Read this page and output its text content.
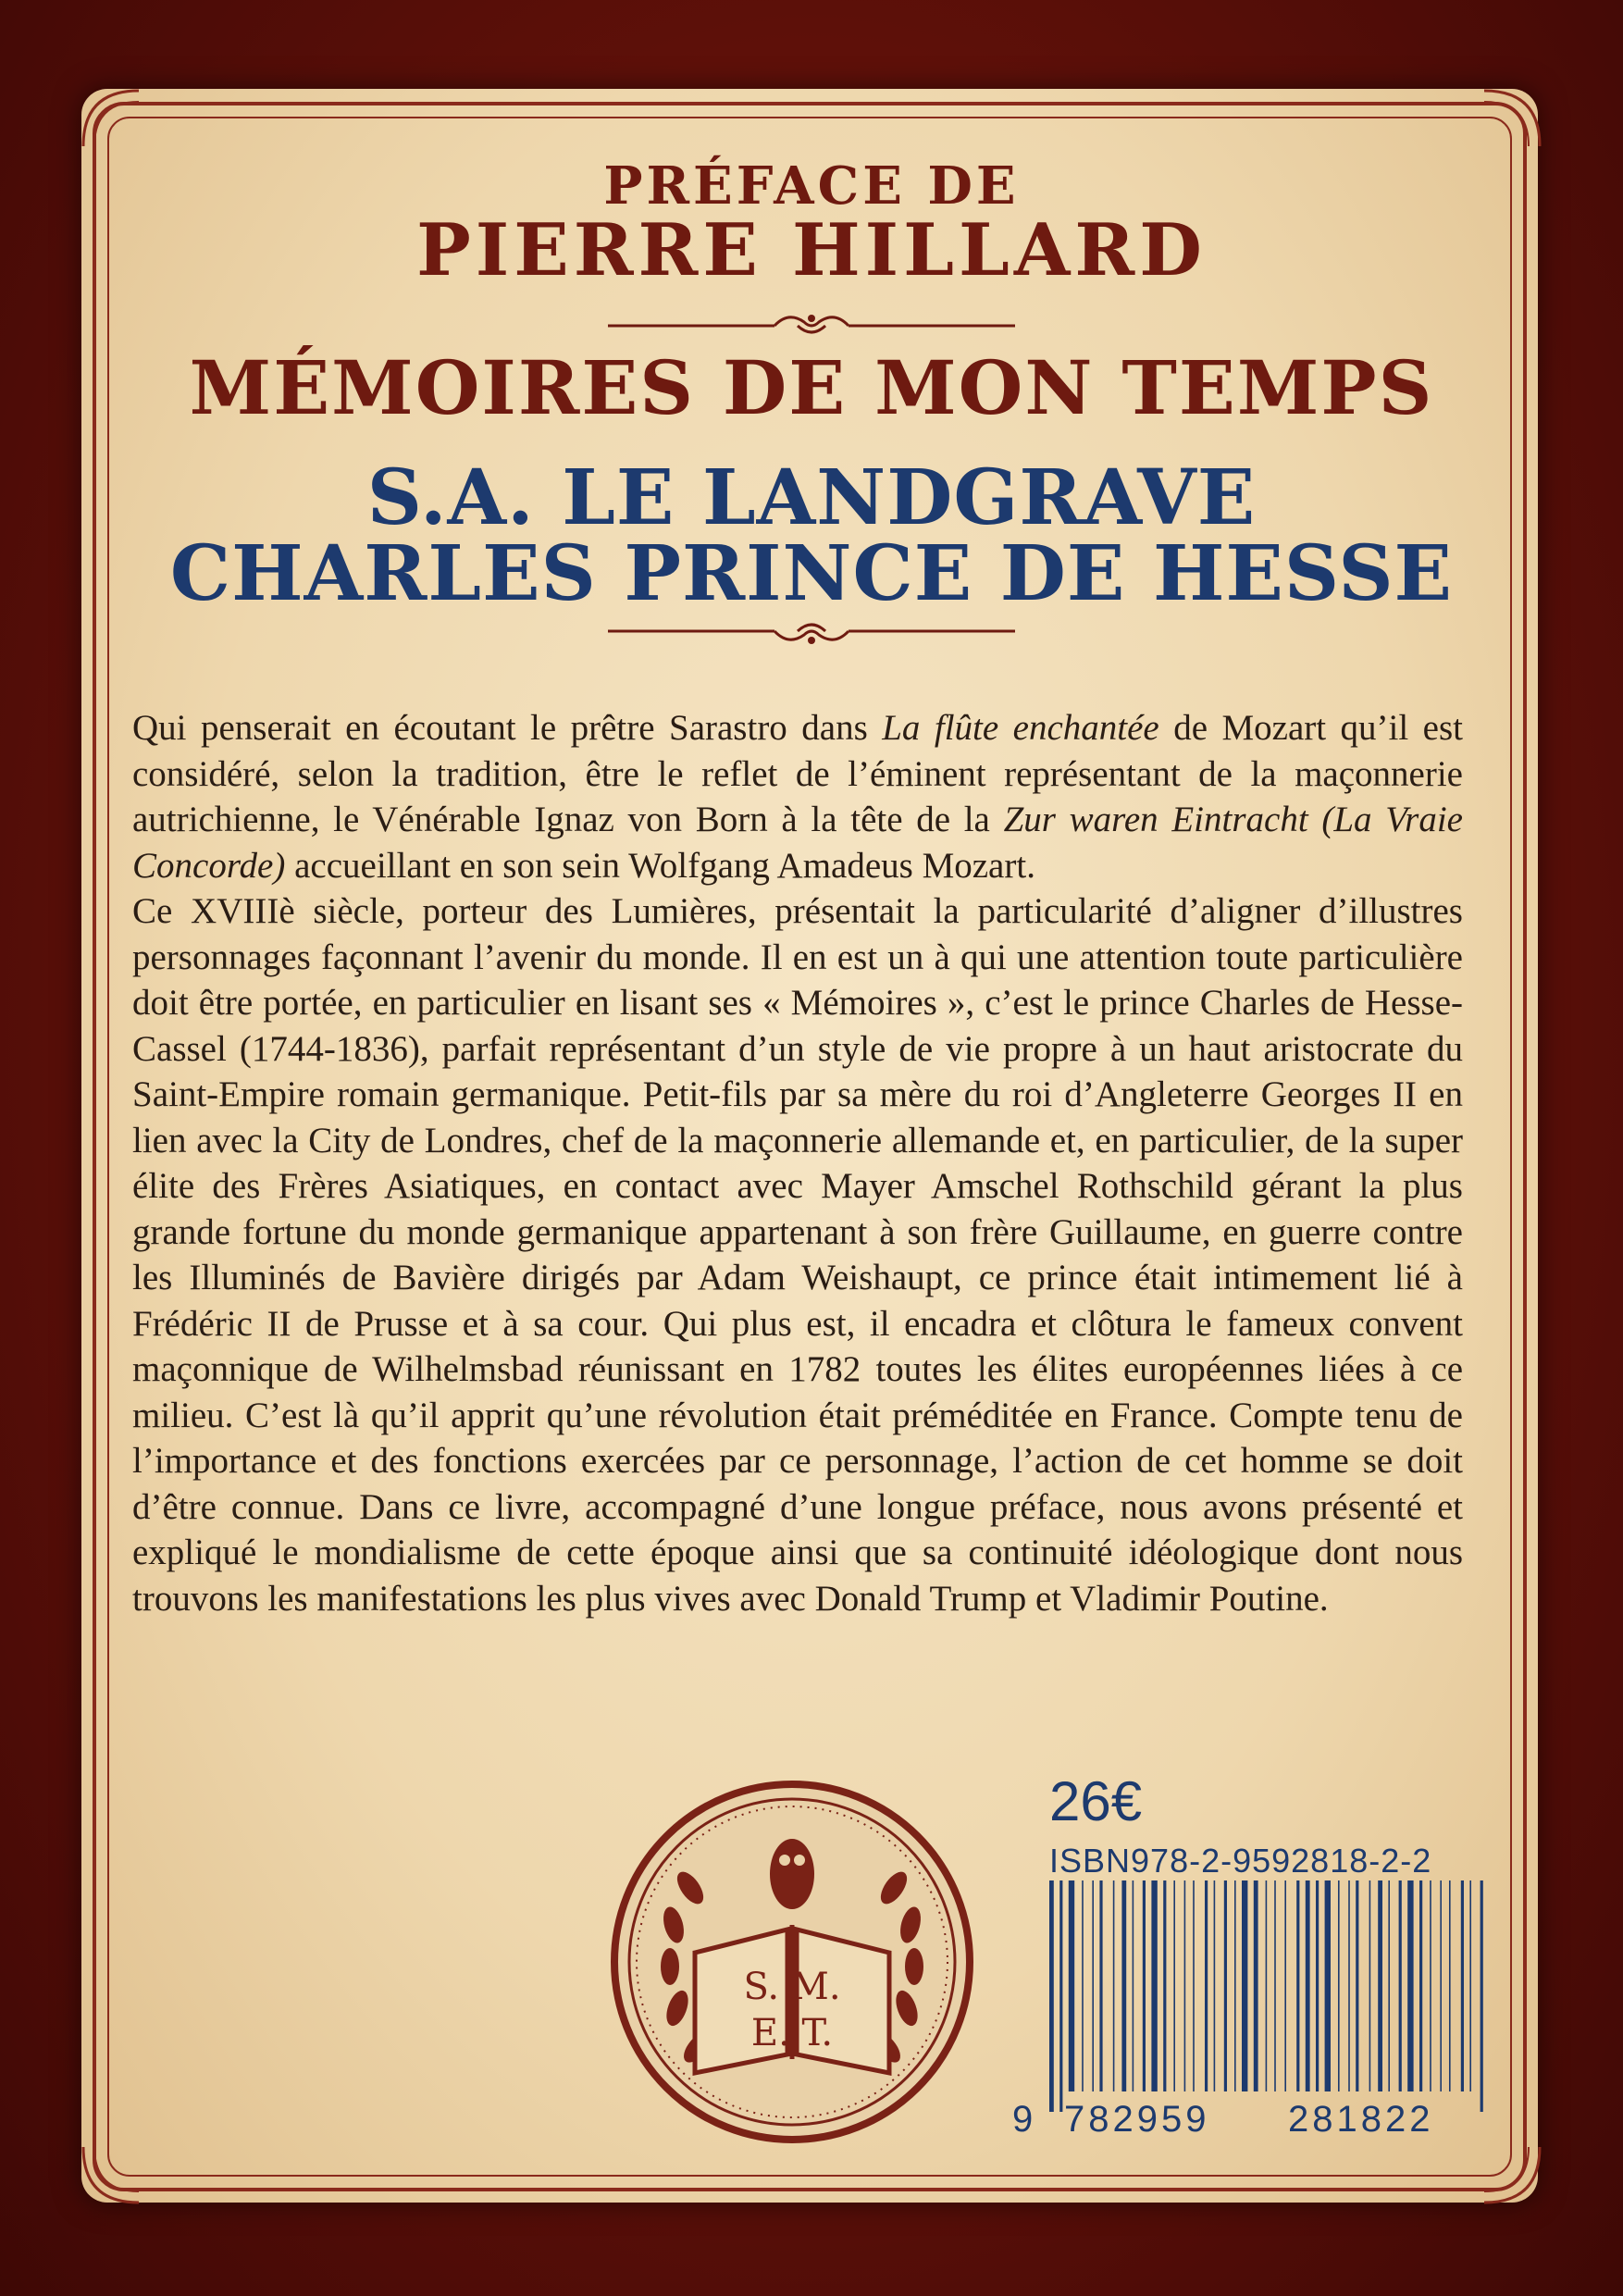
PRÉFACE DE
PIERRE HILLARD
MÉMOIRES DE MON TEMPS
S.A. LE LANDGRAVE
CHARLES PRINCE DE HESSE

Qui penserait en écoutant le prêtre Sarastro dans La flûte enchantée de Mozart qu’il est considéré, selon la tradition, être le reflet de l’éminent représentant de la maçonnerie autrichienne, le Vénérable Ignaz von Born à la tête de la Zur waren Eintracht (La Vraie Concorde) accueillant en son sein Wolfgang Amadeus Mozart.

Ce XVIIIè siècle, porteur des Lumières, présentait la particularité d’aligner d’illustres personnages façonnant l’avenir du monde. Il en est un à qui une attention toute particulière doit être portée, en particulier en lisant ses « Mémoires », c’est le prince Charles de Hesse-Cassel (1744-1836), parfait représentant d’un style de vie propre à un haut aristocrate du Saint-Empire romain germanique. Petit-fils par sa mère du roi d’Angleterre Georges II en lien avec la City de Londres, chef de la maçonnerie allemande et, en particulier, de la super élite des Frères Asiatiques, en contact avec Mayer Amschel Rothschild gérant la plus grande fortune du monde germanique appartenant à son frère Guillaume, en guerre contre les Illuminés de Bavière dirigés par Adam Weishaupt, ce prince était intimement lié à Frédéric II de Prusse et à sa cour. Qui plus est, il encadra et clôtura le fameux convent maçonnique de Wilhelmsbad réunissant en 1782 toutes les élites européennes liées à ce milieu. C’est là qu’il apprit qu’une révolution était préméditée en France. Compte tenu de l’importance et des fonctions exercées par ce personnage, l’action de cet homme se doit d’être connue. Dans ce livre, accompagné d’une longue préface, nous avons présenté et expliqué le mondialisme de cette époque ainsi que sa continuité idéologique dont nous trouvons les manifestations les plus vives avec Donald Trump et Vladimir Poutine.

S. M.
E. T.
26€
ISBN978-2-9592818-2-2
9 782959 281822
